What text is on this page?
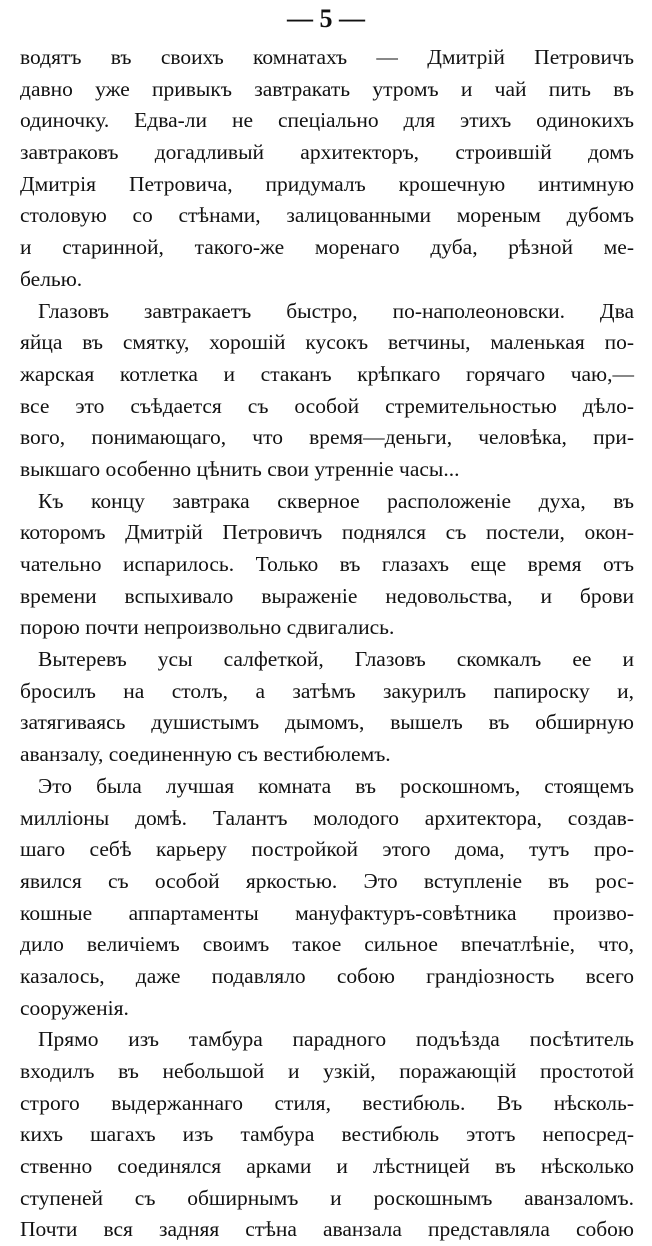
— 5 —
водятъ въ своихъ комнатахъ — Дмитрій Петровичъ
давно уже привыкъ завтракать утромъ и чай пить въ
одиночку. Едва-ли не спеціально для этихъ одинокихъ
завтраковъ догадливый архитекторъ, строившій домъ
Дмитрія Петровича, придумалъ крошечную интимную
столовую со стѣнами, залицованными мореным дубомъ
и старинной, такого-же моренаго дуба, рѣзной ме-
белью.
Глазовъ завтракаетъ быстро, по-наполеоновски. Два
яйца въ смятку, хорошій кусокъ ветчины, маленькая по-
жарская котлетка и стаканъ крѣпкаго горячаго чаю,—
все это съѣдается съ особой стремительностью дѣло-
вого, понимающаго, что время—деньги, человѣка, при-
выкшаго особенно цѣнить свои утренніе часы...
Къ концу завтрака скверное расположеніе духа, въ
которомъ Дмитрій Петровичъ поднялся съ постели, окон-
чательно испарилось. Только въ глазахъ еще время отъ
времени вспыхивало выраженіе недовольства, и брови
порою почти непроизвольно сдвигались.
Вытеревъ усы салфеткой, Глазовъ скомкалъ ее и
бросилъ на столъ, а затѣмъ закурилъ папироску и,
затягиваясь душистымъ дымомъ, вышелъ въ обширную
аванзалу, соединенную съ вестибюлемъ.
Это была лучшая комната въ роскошномъ, стоящемъ
милліоны домѣ. Талантъ молодого архитектора, создав-
шаго себѣ карьеру постройкой этого дома, тутъ про-
явился съ особой яркостью. Это вступленіе въ рос-
кошные аппартаменты мануфактуръ-совѣтника произво-
дило величіемъ своимъ такое сильное впечатлѣніе, что,
казалось, даже подавляло собою грандіозность всего
сооруженія.
Прямо изъ тамбура парадного подъѣзда посѣтитель
входилъ въ небольшой и узкій, поражающій простотой
строго выдержаннаго стиля, вестибюль. Въ нѣсколь-
кихъ шагахъ изъ тамбура вестибюль этотъ непосред-
ственно соединялся арками и лѣстницей въ нѣсколько
ступеней съ обширнымъ и роскошнымъ аванзаломъ.
Почти вся задняя стѣна аванзала представляла собою
